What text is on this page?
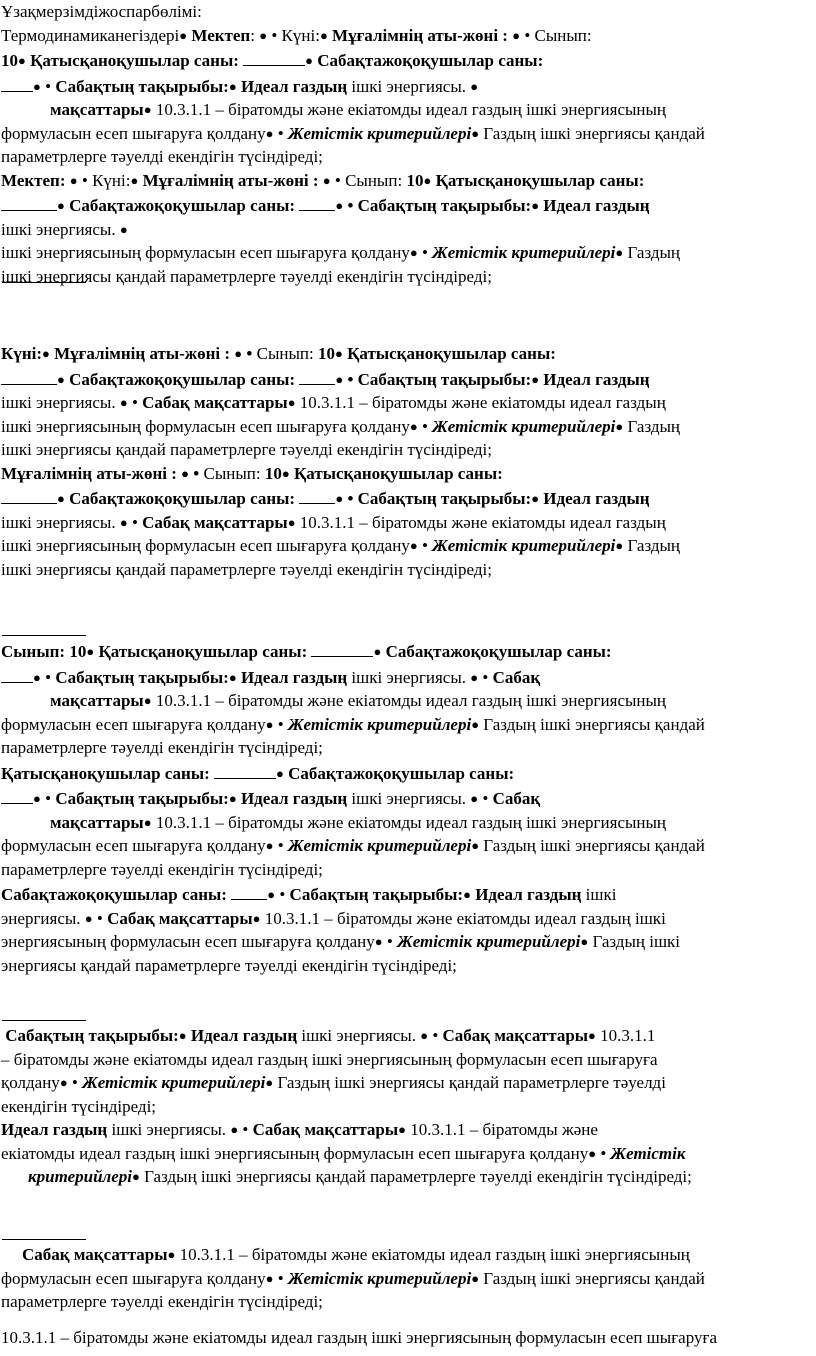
Ұзақмерзімдіжоспарбөлімі:

Термодинамиканегіздері● Мектеп: ● • Күні:● Мұғалімнің аты-жөні : ● • Сынып:

10● Қатысқаноқушылар саны:	● Сабақтажоқоқушылар саны:

● • Сабақтың тақырыбы:● Идеал газдың ішкі энергиясы. ●

мақсаттары● 10.3.1.1 – біратомды және екіатомды идеал газдың ішкі энергиясының

формуласын есеп шығаруға қолдану● • Жетістік критерийлері● Газдың ішкі энергиясы қандай

параметрлерге тәуелді екендігін түсіндіреді;

Мектеп: ● • Күні:● Мұғалімнің аты-жөні : ● • Сынып: 10● Қатысқаноқушылар саны:

● Сабақтажоқоқушылар саны:	● • Сабақтың тақырыбы:● Идеал газдың

ішкі энергиясы. ●

ішкі энергиясының формуласын есеп шығаруға қолдану● • Жетістік критерийлері● Газдың

ішкі энергиясы қандай параметрлерге тәуелді екендігін түсіндіреді;

Күні:● Мұғалімнің аты-жөні : ● • Сынып: 10● Қатысқаноқушылар саны:

● Сабақтажоқоқушылар саны:	● • Сабақтың тақырыбы:● Идеал газдың

ішкі энергиясы. ● • Сабақ мақсаттары● 10.3.1.1 – біратомды және екіатомды идеал газдың

ішкі энергиясының формуласын есеп шығаруға қолдану● • Жетістік критерийлері● Газдың

ішкі энергиясы қандай параметрлерге тәуелді екендігін түсіндіреді;

Мұғалімнің аты-жөні : ● • Сынып: 10● Қатысқаноқушылар саны:

● Сабақтажоқоқушылар саны:	● • Сабақтың тақырыбы:● Идеал газдың

ішкі энергиясы. ● • Сабақ мақсаттары● 10.3.1.1 – біратомды және екіатомды идеал газдың

ішкі энергиясының формуласын есеп шығаруға қолдану● • Жетістік критерийлері● Газдың

ішкі энергиясы қандай параметрлерге тәуелді екендігін түсіндіреді;

Сынып: 10● Қатысқаноқушылар саны:	● Сабақтажоқоқушылар саны:

● • Сабақтың тақырыбы:● Идеал газдың ішкі энергиясы. ● • Сабақ

мақсаттары● 10.3.1.1 – біратомды және екіатомды идеал газдың ішкі энергиясының

формуласын есеп шығаруға қолдану● • Жетістік критерийлері● Газдың ішкі энергиясы қандай

параметрлерге тәуелді екендігін түсіндіреді;

Қатысқаноқушылар саны:	● Сабақтажоқоқушылар саны:

● • Сабақтың тақырыбы:● Идеал газдың ішкі энергиясы. ● • Сабақ

мақсаттары● 10.3.1.1 – біратомды және екіатомды идеал газдың ішкі энергиясының

формуласын есеп шығаруға қолдану● • Жетістік критерийлері● Газдың ішкі энергиясы қандай

параметрлерге тәуелді екендігін түсіндіреді;

Сабақтажоқоқушылар саны:	● • Сабақтың тақырыбы:● Идеал газдың ішкі

энергиясы. ● • Сабақ мақсаттары● 10.3.1.1 – біратомды және екіатомды идеал газдың ішкі

энергиясының формуласын есеп шығаруға қолдану● • Жетістік критерийлері● Газдың ішкі

энергиясы қандай параметрлерге тәуелді екендігін түсіндіреді;

Сабақтың тақырыбы:● Идеал газдың ішкі энергиясы. ● • Сабақ мақсаттары● 10.3.1.1

– біратомды және екіатомды идеал газдың ішкі энергиясының формуласын есеп шығаруға

қолдану● • Жетістік критерийлері● Газдың ішкі энергиясы қандай параметрлерге тәуелді

екендігін түсіндіреді;

Идеал газдың ішкі энергиясы. ● • Сабақ мақсаттары● 10.3.1.1 – біратомды және

екіатомды идеал газдың ішкі энергиясының формуласын есеп шығаруға қолдану● • Жетістік

критерийлері● Газдың ішкі энергиясы қандай параметрлерге тәуелді екендігін түсіндіреді;

Сабақ мақсаттары● 10.3.1.1 – біратомды және екіатомды идеал газдың ішкі энергиясының

формуласын есеп шығаруға қолдану● • Жетістік критерийлері● Газдың ішкі энергиясы қандай

параметрлерге тәуелді екендігін түсіндіреді;

10.3.1.1 – біратомды және екіатомды идеал газдың ішкі энергиясының формуласын есеп шығаруға
